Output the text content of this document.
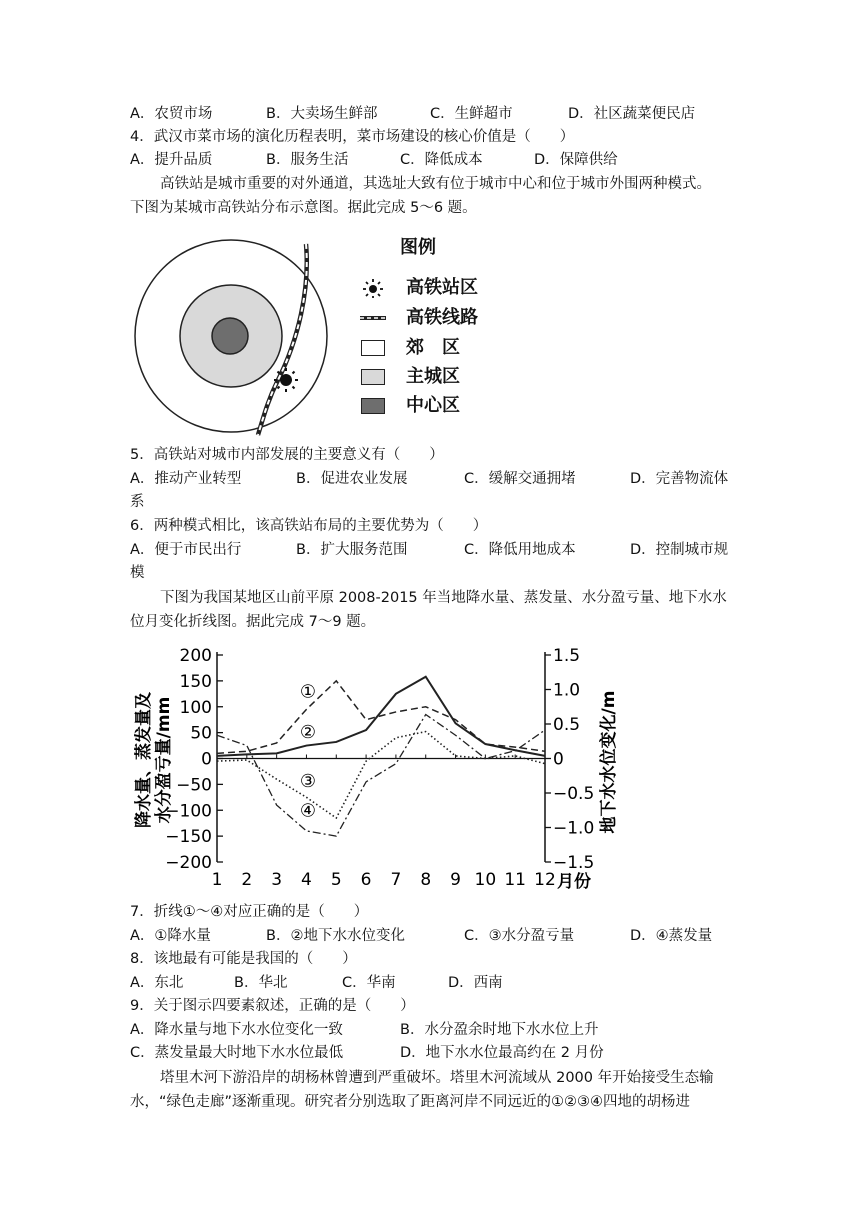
A．农贸市场	B．大卖场生鲜部	C．生鲜超市	D．社区蔬菜便民店
4．武汉市菜市场的演化历程表明，菜市场建设的核心价值是（　　）
A．提升品质	B．服务生活	C．降低成本	D．保障供给
高铁站是城市重要的对外通道，其选址大致有位于城市中心和位于城市外围两种模式。
下图为某城市高铁站分布示意图。据此完成 5～6 题。
图例
高铁站区
高铁线路
郊　区
主城区
中心区
5．高铁站对城市内部发展的主要意义有（　　）
A．推动产业转型	B．促进农业发展	C．缓解交通拥堵	D．完善物流体
系
6．两种模式相比，该高铁站布局的主要优势为（　　）
A．便于市民出行	B．扩大服务范围	C．降低用地成本	D．控制城市规
模
下图为我国某地区山前平原 2008-2015 年当地降水量、蒸发量、水分盈亏量、地下水水
位月变化折线图。据此完成 7～9 题。
降水量、蒸发量及 水分盈亏量/mm	地下水水位变化/m
月份
200
150
100
50
0
−50
−100
−150
−200
1.5
1.0
0.5
0
−0.5
−1.0
−1.5
1 2 3 4 5 6 7 8 9 10 11 12
①
②
③
④
7．折线①～④对应正确的是（　　）
A．①降水量	B．②地下水水位变化	C．③水分盈亏量	D．④蒸发量
8．该地最有可能是我国的（　　）
A．东北	B．华北	C．华南	D．西南
9．关于图示四要素叙述，正确的是（　　）
A．降水量与地下水水位变化一致	B．水分盈余时地下水水位上升
C．蒸发量最大时地下水水位最低	D．地下水水位最高约在 2 月份
塔里木河下游沿岸的胡杨林曾遭到严重破坏。塔里木河流域从 2000 年开始接受生态输
水，“绿色走廊”逐渐重现。研究者分别选取了距离河岸不同远近的①②③④四地的胡杨进
